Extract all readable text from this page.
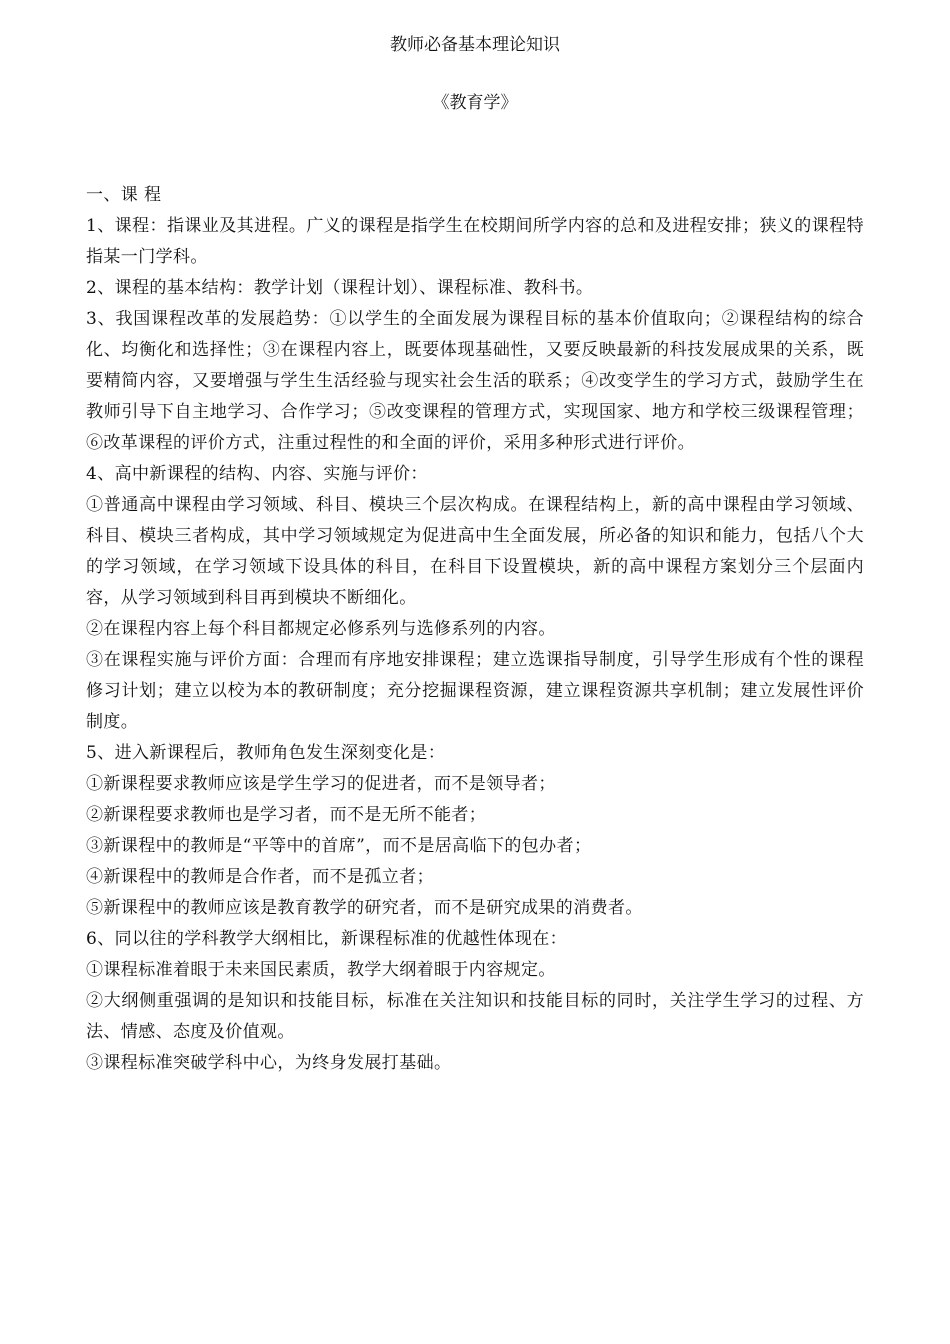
教师必备基本理论知识
《教育学》

一、课 程

1、课程：指课业及其进程。广义的课程是指学生在校期间所学内容的总和及进程安排；狭义的课程特指某一门学科。

2、课程的基本结构：教学计划（课程计划）、课程标准、教科书。

3、我国课程改革的发展趋势：①以学生的全面发展为课程目标的基本价值取向；②课程结构的综合化、均衡化和选择性；③在课程内容上，既要体现基础性，又要反映最新的科技发展成果的关系，既要精简内容，又要增强与学生生活经验与现实社会生活的联系；④改变学生的学习方式，鼓励学生在教师引导下自主地学习、合作学习；⑤改变课程的管理方式，实现国家、地方和学校三级课程管理；⑥改革课程的评价方式，注重过程性的和全面的评价，采用多种形式进行评价。

4、高中新课程的结构、内容、实施与评价：

①普通高中课程由学习领域、科目、模块三个层次构成。在课程结构上，新的高中课程由学习领域、科目、模块三者构成，其中学习领域规定为促进高中生全面发展，所必备的知识和能力，包括八个大的学习领域，在学习领域下设具体的科目，在科目下设置模块，新的高中课程方案划分三个层面内容，从学习领域到科目再到模块不断细化。

②在课程内容上每个科目都规定必修系列与选修系列的内容。

③在课程实施与评价方面：合理而有序地安排课程；建立选课指导制度，引导学生形成有个性的课程修习计划；建立以校为本的教研制度；充分挖掘课程资源，建立课程资源共享机制；建立发展性评价制度。

5、进入新课程后，教师角色发生深刻变化是：

①新课程要求教师应该是学生学习的促进者，而不是领导者；

②新课程要求教师也是学习者，而不是无所不能者；

③新课程中的教师是“平等中的首席”，而不是居高临下的包办者；

④新课程中的教师是合作者，而不是孤立者；

⑤新课程中的教师应该是教育教学的研究者，而不是研究成果的消费者。

6、同以往的学科教学大纲相比，新课程标准的优越性体现在：

①课程标准着眼于未来国民素质，教学大纲着眼于内容规定。

②大纲侧重强调的是知识和技能目标，标准在关注知识和技能目标的同时，关注学生学习的过程、方法、情感、态度及价值观。

③课程标准突破学科中心，为终身发展打基础。
